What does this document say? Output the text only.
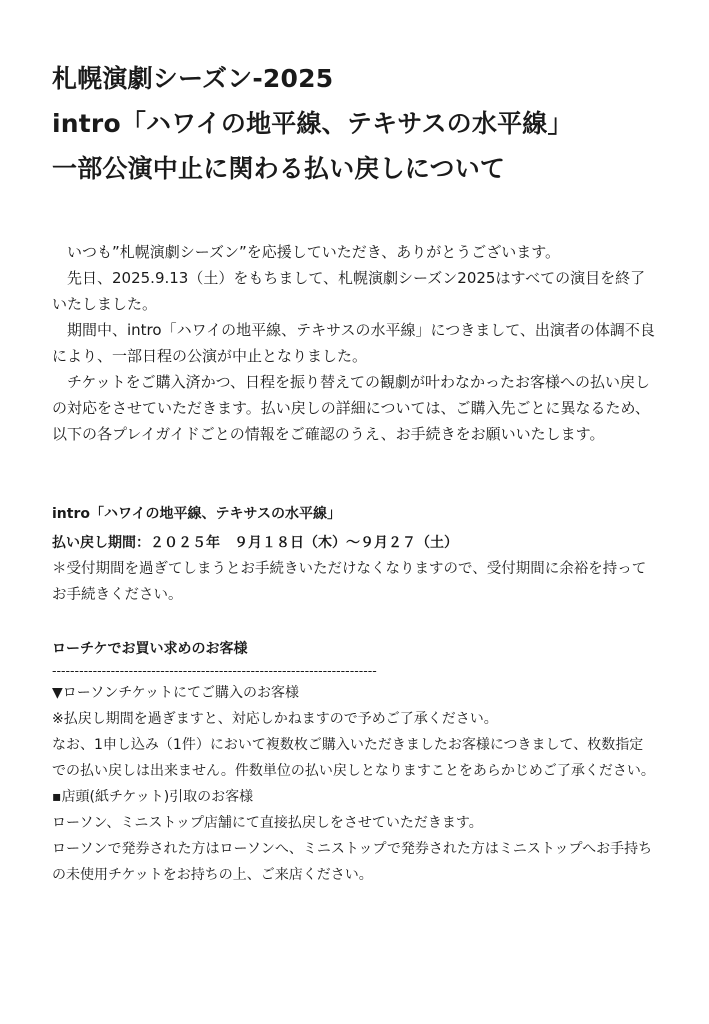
札幌演劇シーズン-2025
intro「ハワイの地平線、テキサスの水平線」
一部公演中止に関わる払い戻しについて

いつも”札幌演劇シーズン”を応援していただき、ありがとうございます。

先日、2025.9.13（土）をもちまして、札幌演劇シーズン2025はすべての演目を終了いたしました。

期間中、intro「ハワイの地平線、テキサスの水平線」につきまして、出演者の体調不良により、一部日程の公演が中止となりました。

チケットをご購入済かつ、日程を振り替えての観劇が叶わなかったお客様への払い戻しの対応をさせていただきます。払い戻しの詳細については、ご購入先ごとに異なるため、以下の各プレイガイドごとの情報をご確認のうえ、お手続きをお願いいたします。

intro「ハワイの地平線、テキサスの水平線」

払い戻し期間：２０２５年　９月１８日（木）～９月２７（土）

＊受付期間を過ぎてしまうとお手続きいただけなくなりますので、受付期間に余裕を持ってお手続きください。

ローチケでお買い求めのお客様

------------------------------------------------------------------------

▼ローソンチケットにてご購入のお客様

※払戻し期間を過ぎますと、対応しかねますので予めご了承ください。

なお、1申し込み（1件）において複数枚ご購入いただきましたお客様につきまして、枚数指定での払い戻しは出来ません。件数単位の払い戻しとなりますことをあらかじめご了承ください。

▪店頭(紙チケット)引取のお客様

ローソン、ミニストップ店舗にて直接払戻しをさせていただきます。

ローソンで発券された方はローソンへ、ミニストップで発券された方はミニストップへお手持ちの未使用チケットをお持ちの上、ご来店ください。
